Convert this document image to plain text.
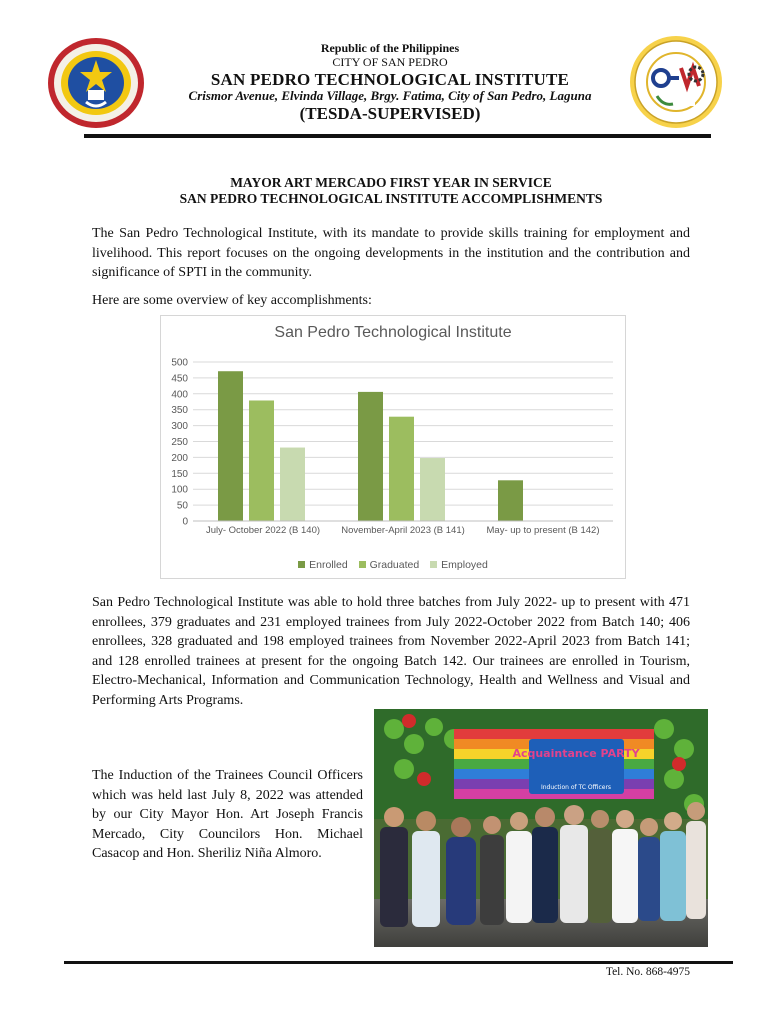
Republic of the Philippines
CITY OF SAN PEDRO
SAN PEDRO TECHNOLOGICAL INSTITUTE
Crismor Avenue, Elvinda Village, Brgy. Fatima, City of San Pedro, Laguna
(TESDA-SUPERVISED)
MAYOR ART MERCADO FIRST YEAR IN SERVICE
SAN PEDRO TECHNOLOGICAL INSTITUTE ACCOMPLISHMENTS
The San Pedro Technological Institute, with its mandate to provide skills training for employment and livelihood. This report focuses on the ongoing developments in the institution and the contribution and significance of SPTI in the community.
Here are some overview of key accomplishments:
San Pedro Technological Institute
0
50
100
150
200
250
300
350
400
450
500
July- October 2022 (B 140) November-April 2023 (B 141) May- up to present (B 142)
Enrolled Graduated Employed
San Pedro Technological Institute was able to hold three batches from July 2022- up to present with 471 enrollees, 379 graduates and 231 employed trainees from July 2022-October 2022 from Batch 140; 406 enrollees, 328 graduated and 198 employed trainees from November 2022-April 2023 from Batch 141; and 128 enrolled trainees at present for the ongoing Batch 142. Our trainees are enrolled in Tourism, Electro-Mechanical, Information and Communication Technology, Health and Wellness and Visual and Performing Arts Programs.
The Induction of the Trainees Council Officers which was held last July 8, 2022 was attended by our City Mayor Hon. Art Joseph Francis Mercado, City Councilors Hon. Michael Casacop and Hon. Sheriliz Niña Almoro.
Acquaintance PARTY
Induction of TC Officers
Tel. No. 868-4975
